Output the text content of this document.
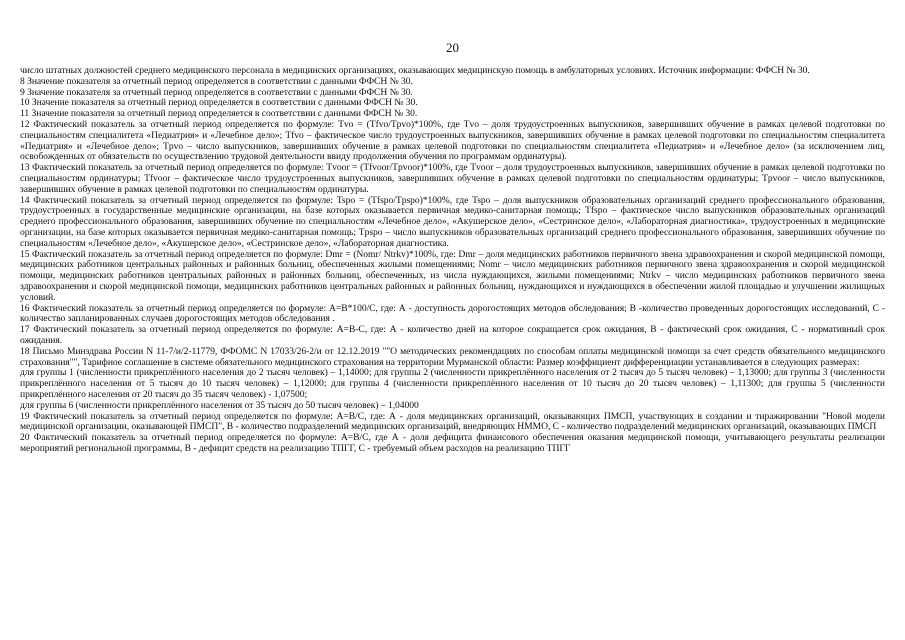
20

число штатных должностей среднего медицинского персонала в медицинских организациях, оказывающих медицинскую помощь в амбулаторных условиях. Источник информации: ФФСН № 30.

8 Значение показателя за отчетный период определяется в соответствии с данными ФФСН № 30.

9 Значение показателя за отчетный период определяется в соответствии с данными ФФСН № 30.

10 Значение показателя за отчетный период определяется в соответствии с данными ФФСН № 30.

11 Значение показателя за отчетный период определяется в соответствии с данными ФФСН № 30.

12 Фактический показатель за отчетный период определяется по формуле: Tvo = (Tfvo/Tpvo)*100%, где Tvo – доля трудоустроенных выпускников, завершивших обучение в рамках целевой подготовки по специальностям специалитета «Педиатрия» и «Лечебное дело»; Tfvo – фактическое число трудоустроенных выпускников, завершивших обучение в рамках целевой подготовки по специальностям специалитета «Педиатрия» и «Лечебное дело»; Tpvo – число выпускников, завершивших обучение в рамках целевой подготовки по специальностям специалитета «Педиатрия» и «Лечебное дело» (за исключением лиц, освобожденных от обязательств по осуществлению трудовой деятельности ввиду продолжения обучения по программам ординатуры).

13 Фактический показатель за отчетный период определяется по формуле: Tvoor = (Tfvoor/Tpvoor)*100%, где Tvoor – доля трудоустроенных выпускников, завершивших обучение в рамках целевой подготовки по специальностям ординатуры; Tfvoor – фактическое число трудоустроенных выпускников, завершивших обучение в рамках целевой подготовки по специальностям ординатуры; Tpvoor – число выпускников, завершивших обучение в рамках целевой подготовки по специальностям ординатуры.

14 Фактический показатель за отчетный период определяется по формуле: Tspo = (Tfspo/Tpspo)*100%, где Tspo – доля выпускников образовательных организаций среднего профессионального образования, трудоустроенных в государственные медицинские организации, на базе которых оказывается первичная медико-санитарная помощь; Tfspo – фактическое число выпускников образовательных организаций среднего профессионального образования, завершивших обучение по специальностям «Лечебное дело», «Акушерское дело», «Сестринское дело», «Лабораторная диагностика», трудоустроенных в медицинские организации, на базе которых оказывается первичная медико-санитарная помощь; Tpspo – число выпускников образовательных организаций среднего профессионального образования, завершивших обучение по специальностям «Лечебное дело», «Акушерское дело», «Сестринское дело», «Лабораторная диагностика.

15 Фактический показатель за отчетный период определяется по формуле: Dmr = (Nomr/ Ntrkv)*100%, где: Dmr – доля медицинских работников первичного звена здравоохранения и скорой медицинской помощи, медицинских работников центральных районных и районных больниц, обеспеченных жилыми помещениями; Nomr – число медицинских работников первичного звена здравоохранения и скорой медицинской помощи, медицинских работников центральных районных и районных больниц, обеспеченных, из числа нуждающихся, жилыми помещениями; Ntrkv – число медицинских работников первичного звена здравоохранения и скорой медицинской помощи, медицинских работников центральных районных и районных больниц, нуждающихся и нуждающихся в обеспечении жилой площадью и улучшении жилищных условий.

16 Фактический показатель за отчетный период определяется по формуле: A=B*100/C, где: А - доступность дорогостоящих методов обследования; В -количество проведенных дорогостоящих исследований, С - количество запланированных случаев дорогостоящих методов обследования .

17 Фактический показатель за отчетный период определяется по формуле: А=В-С, где: А - количество дней на которое сокращается срок ожидания, В - фактический срок ожидания, С - нормативный срок ожидания.

18 Письмо Минздрава России N 11-7/и/2-11779, ФФОМС N 17033/26-2/и от 12.12.2019 ""О методических рекомендациях по способам оплаты медицинской помощи за счет средств обязательного медицинского страхования"", Тарифное соглашение в системе обязательного медицинского страхования на территории Мурманской области: Размер коэффициент дифференциации устанавливается в следующих размерах:

для группы 1 (численности прикреплённого населения до 2 тысяч человек) – 1,14000; для группы 2 (численности прикреплённого населения от 2 тысяч до 5 тысяч человек) – 1,13000; для группы 3 (численности прикреплённого населения от 5 тысяч до 10 тысяч человек) – 1,12000; для группы 4 (численности прикреплённого населения от 10 тысяч до 20 тысяч человек) – 1,11300; для группы 5 (численности прикреплённого населения от 20 тысяч до 35 тысяч человек) - 1,07500;

для группы 6 (численности прикреплённого населения от 35 тысяч до 50 тысяч человек) – 1,04000

19 Фактический показатель за отчетный период определяется по формуле: А=В/С, где: А - доля медицинских организаций, оказывающих ПМСП, участвующих в создании и тиражировании "Новой модели медицинской организации, оказывающей ПМСП", В - количество подразделений медицинских организаций, внедряющих НММО, С - количество подразделений медицинских организаций, оказывающих ПМСП

20 Фактический показатель за отчетный период определяется по формуле: А=В/С, где А - доля дефицита финансового обеспечения оказания медицинской помощи, учитывающего результаты реализации мероприятий региональной программы, В - дефицит средств на реализацию ТПГГ, С - требуемый объем расходов на реализацию ТПГГ
